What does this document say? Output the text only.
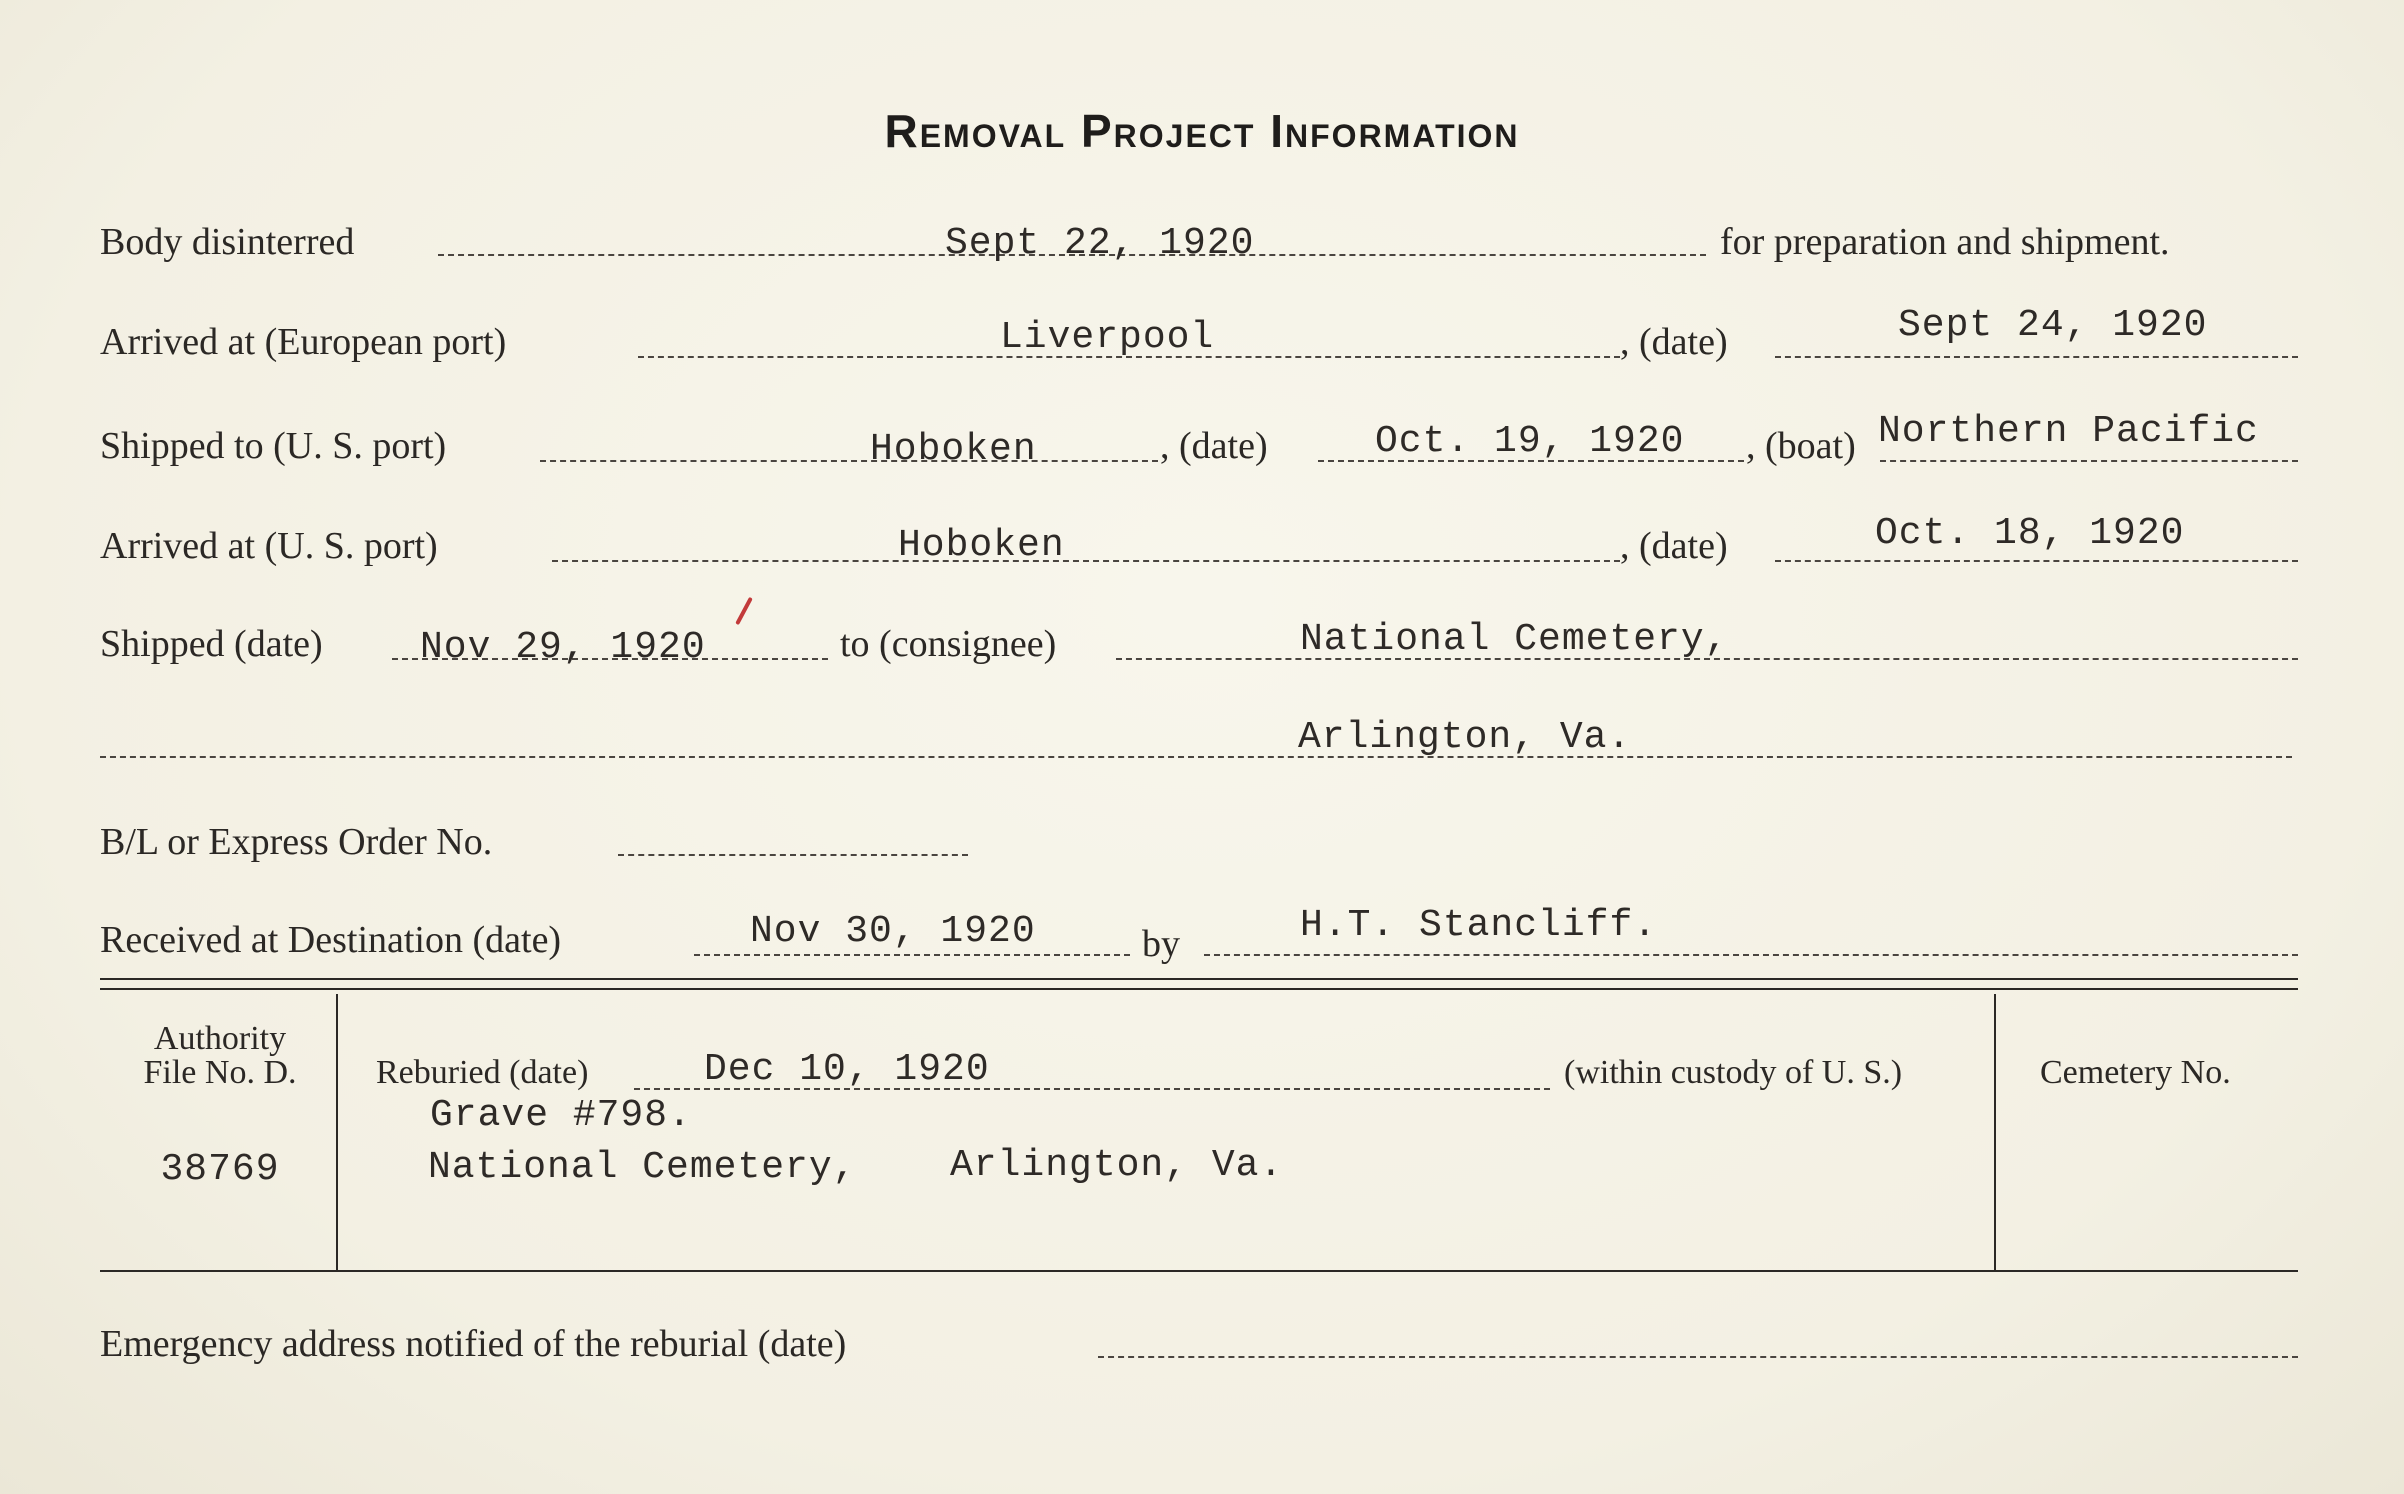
Removal Project Information
Body disinterred	Sept 22, 1920	for preparation and shipment.
Arrived at (European port)	Liverpool	, (date)	Sept 24, 1920
Shipped to (U. S. port)	Hoboken	, (date)	Oct. 19, 1920 , (boat) Northern Pacific
Arrived at (U. S. port)	Hoboken	, (date)	Oct. 18, 1920
Shipped (date)	Nov 29, 1920	to (consignee)	National Cemetery,
Arlington, Va.
B/L or Express Order No.
Received at Destination (date)	Nov 30, 1920	by	H.T. Stancliff.
Authority
File No. D.
38769
Reburied (date)	Dec 10, 1920	(within custody of U. S.)
Grave #798.
National Cemetery, Arlington, Va.
Cemetery No.
Emergency address notified of the reburial (date)
